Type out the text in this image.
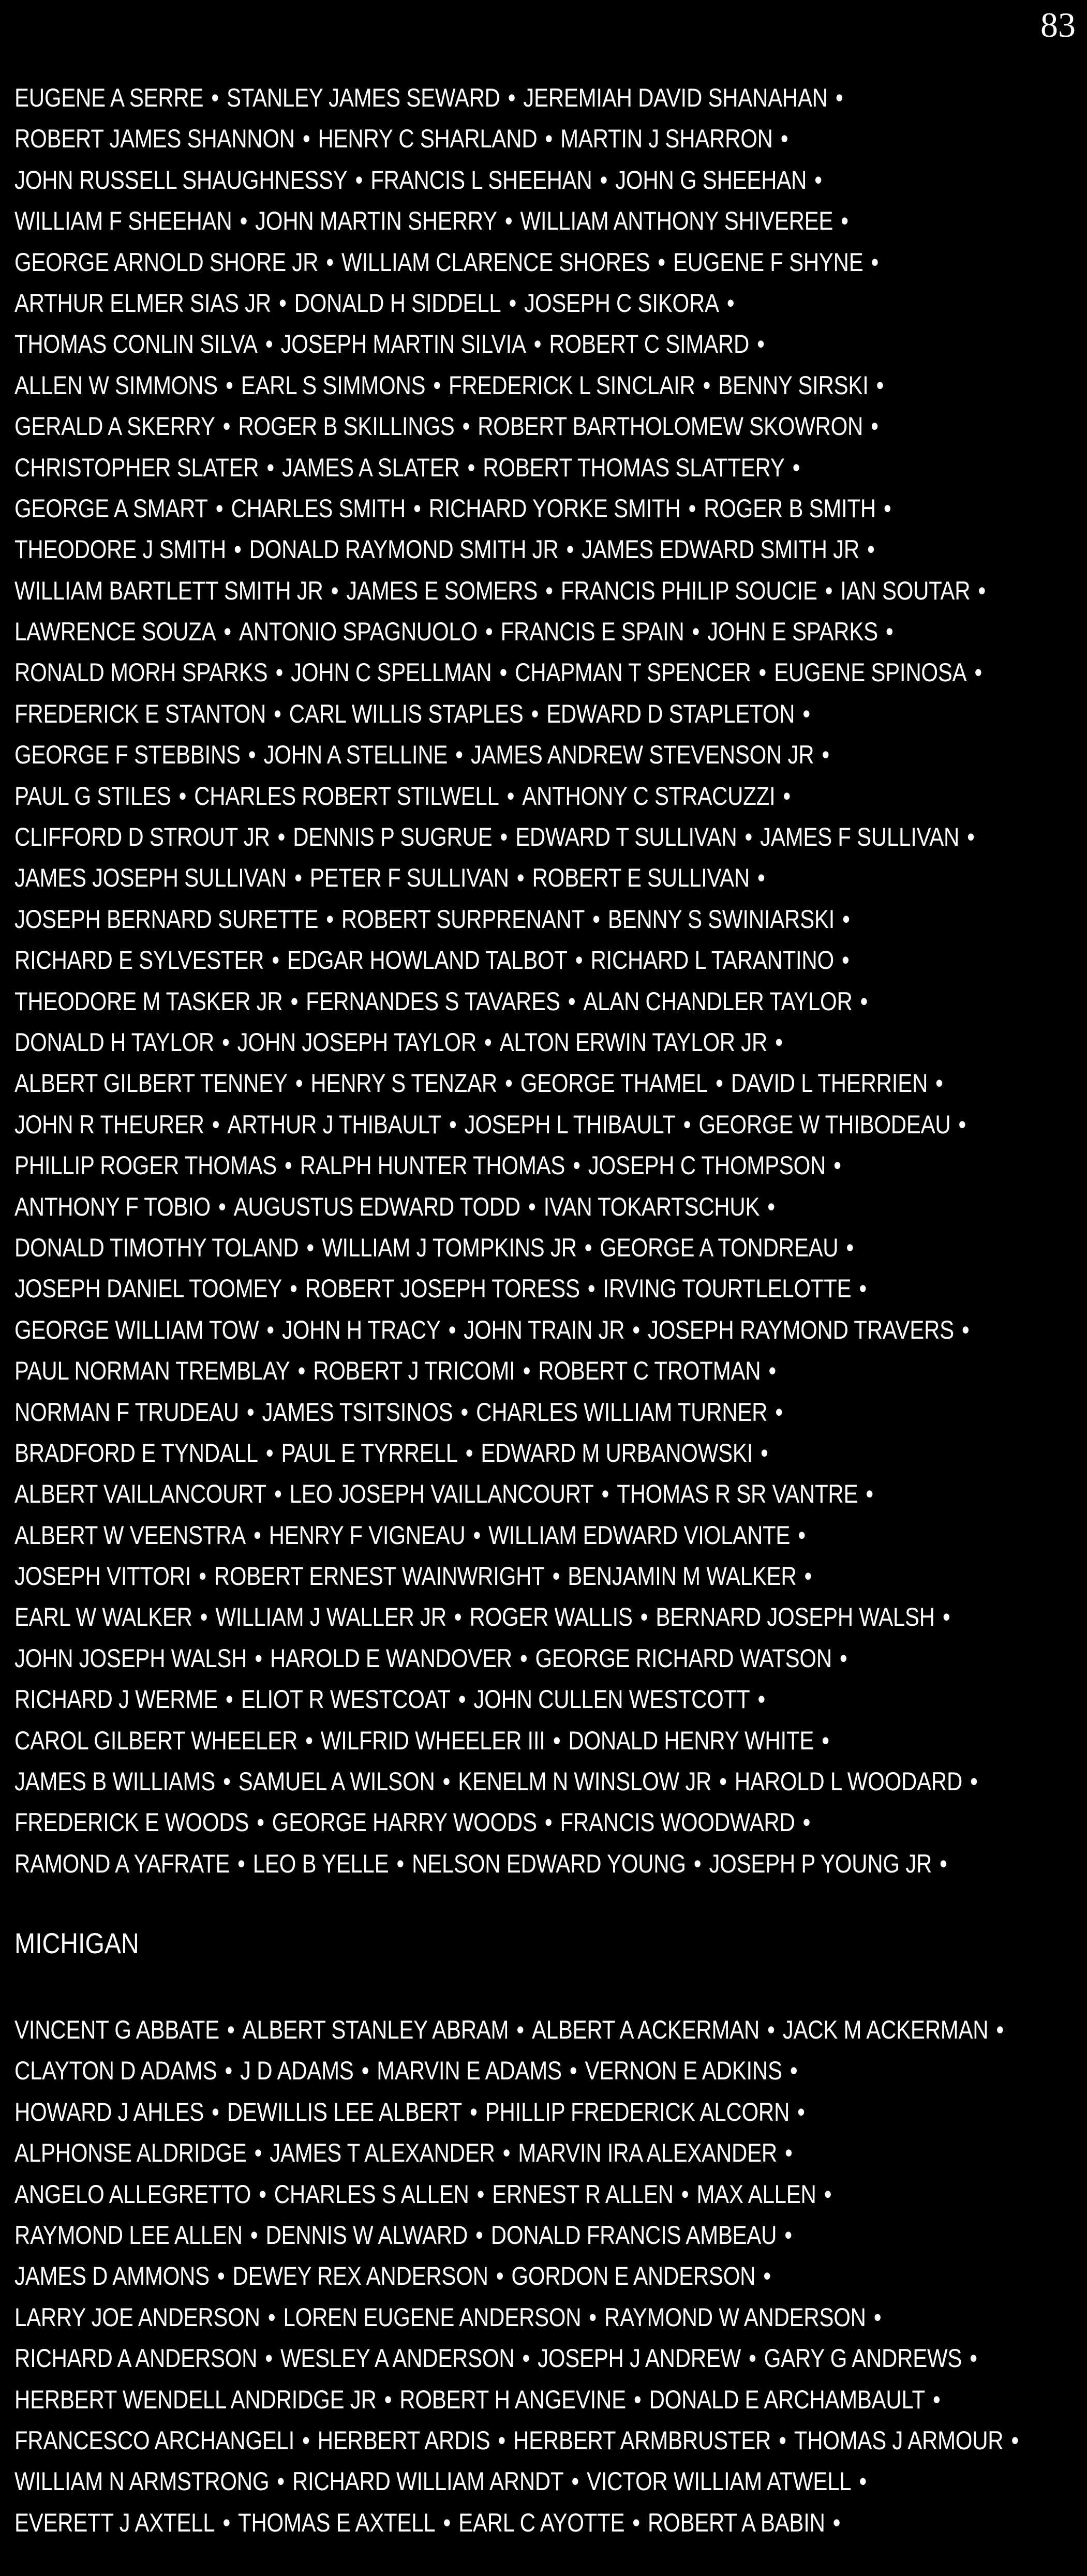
83
EUGENE A SERRE • STANLEY JAMES SEWARD • JEREMIAH DAVID SHANAHAN •
ROBERT JAMES SHANNON • HENRY C SHARLAND • MARTIN J SHARRON •
JOHN RUSSELL SHAUGHNESSY • FRANCIS L SHEEHAN • JOHN G SHEEHAN •
WILLIAM F SHEEHAN • JOHN MARTIN SHERRY • WILLIAM ANTHONY SHIVEREE •
GEORGE ARNOLD SHORE JR • WILLIAM CLARENCE SHORES • EUGENE F SHYNE •
ARTHUR ELMER SIAS JR • DONALD H SIDDELL • JOSEPH C SIKORA •
THOMAS CONLIN SILVA • JOSEPH MARTIN SILVIA • ROBERT C SIMARD •
ALLEN W SIMMONS • EARL S SIMMONS • FREDERICK L SINCLAIR • BENNY SIRSKI •
GERALD A SKERRY • ROGER B SKILLINGS • ROBERT BARTHOLOMEW SKOWRON •
CHRISTOPHER SLATER • JAMES A SLATER • ROBERT THOMAS SLATTERY •
GEORGE A SMART • CHARLES SMITH • RICHARD YORKE SMITH • ROGER B SMITH •
THEODORE J SMITH • DONALD RAYMOND SMITH JR • JAMES EDWARD SMITH JR •
WILLIAM BARTLETT SMITH JR • JAMES E SOMERS • FRANCIS PHILIP SOUCIE • IAN SOUTAR •
LAWRENCE SOUZA • ANTONIO SPAGNUOLO • FRANCIS E SPAIN • JOHN E SPARKS •
RONALD MORH SPARKS • JOHN C SPELLMAN • CHAPMAN T SPENCER • EUGENE SPINOSA •
FREDERICK E STANTON • CARL WILLIS STAPLES • EDWARD D STAPLETON •
GEORGE F STEBBINS • JOHN A STELLINE • JAMES ANDREW STEVENSON JR •
PAUL G STILES • CHARLES ROBERT STILWELL • ANTHONY C STRACUZZI •
CLIFFORD D STROUT JR • DENNIS P SUGRUE • EDWARD T SULLIVAN • JAMES F SULLIVAN •
JAMES JOSEPH SULLIVAN • PETER F SULLIVAN • ROBERT E SULLIVAN •
JOSEPH BERNARD SURETTE • ROBERT SURPRENANT • BENNY S SWINIARSKI •
RICHARD E SYLVESTER • EDGAR HOWLAND TALBOT • RICHARD L TARANTINO •
THEODORE M TASKER JR • FERNANDES S TAVARES • ALAN CHANDLER TAYLOR •
DONALD H TAYLOR • JOHN JOSEPH TAYLOR • ALTON ERWIN TAYLOR JR •
ALBERT GILBERT TENNEY • HENRY S TENZAR • GEORGE THAMEL • DAVID L THERRIEN •
JOHN R THEURER • ARTHUR J THIBAULT • JOSEPH L THIBAULT • GEORGE W THIBODEAU •
PHILLIP ROGER THOMAS • RALPH HUNTER THOMAS • JOSEPH C THOMPSON •
ANTHONY F TOBIO • AUGUSTUS EDWARD TODD • IVAN TOKARTSCHUK •
DONALD TIMOTHY TOLAND • WILLIAM J TOMPKINS JR • GEORGE A TONDREAU •
JOSEPH DANIEL TOOMEY • ROBERT JOSEPH TORESS • IRVING TOURTLELOTTE •
GEORGE WILLIAM TOW • JOHN H TRACY • JOHN TRAIN JR • JOSEPH RAYMOND TRAVERS •
PAUL NORMAN TREMBLAY • ROBERT J TRICOMI • ROBERT C TROTMAN •
NORMAN F TRUDEAU • JAMES TSITSINOS • CHARLES WILLIAM TURNER •
BRADFORD E TYNDALL • PAUL E TYRRELL • EDWARD M URBANOWSKI •
ALBERT VAILLANCOURT • LEO JOSEPH VAILLANCOURT • THOMAS R SR VANTRE •
ALBERT W VEENSTRA • HENRY F VIGNEAU • WILLIAM EDWARD VIOLANTE •
JOSEPH VITTORI • ROBERT ERNEST WAINWRIGHT • BENJAMIN M WALKER •
EARL W WALKER • WILLIAM J WALLER JR • ROGER WALLIS • BERNARD JOSEPH WALSH •
JOHN JOSEPH WALSH • HAROLD E WANDOVER • GEORGE RICHARD WATSON •
RICHARD J WERME • ELIOT R WESTCOAT • JOHN CULLEN WESTCOTT •
CAROL GILBERT WHEELER • WILFRID WHEELER III • DONALD HENRY WHITE •
JAMES B WILLIAMS • SAMUEL A WILSON • KENELM N WINSLOW JR • HAROLD L WOODARD •
FREDERICK E WOODS • GEORGE HARRY WOODS • FRANCIS WOODWARD •
RAMOND A YAFRATE • LEO B YELLE • NELSON EDWARD YOUNG • JOSEPH P YOUNG JR •
MICHIGAN
VINCENT G ABBATE • ALBERT STANLEY ABRAM • ALBERT A ACKERMAN • JACK M ACKERMAN •
CLAYTON D ADAMS • J D ADAMS • MARVIN E ADAMS • VERNON E ADKINS •
HOWARD J AHLES • DEWILLIS LEE ALBERT • PHILLIP FREDERICK ALCORN •
ALPHONSE ALDRIDGE • JAMES T ALEXANDER • MARVIN IRA ALEXANDER •
ANGELO ALLEGRETTO • CHARLES S ALLEN • ERNEST R ALLEN • MAX ALLEN •
RAYMOND LEE ALLEN • DENNIS W ALWARD • DONALD FRANCIS AMBEAU •
JAMES D AMMONS • DEWEY REX ANDERSON • GORDON E ANDERSON •
LARRY JOE ANDERSON • LOREN EUGENE ANDERSON • RAYMOND W ANDERSON •
RICHARD A ANDERSON • WESLEY A ANDERSON • JOSEPH J ANDREW • GARY G ANDREWS •
HERBERT WENDELL ANDRIDGE JR • ROBERT H ANGEVINE • DONALD E ARCHAMBAULT •
FRANCESCO ARCHANGELI • HERBERT ARDIS • HERBERT ARMBRUSTER • THOMAS J ARMOUR •
WILLIAM N ARMSTRONG • RICHARD WILLIAM ARNDT • VICTOR WILLIAM ATWELL •
EVERETT J AXTELL • THOMAS E AXTELL • EARL C AYOTTE • ROBERT A BABIN •
